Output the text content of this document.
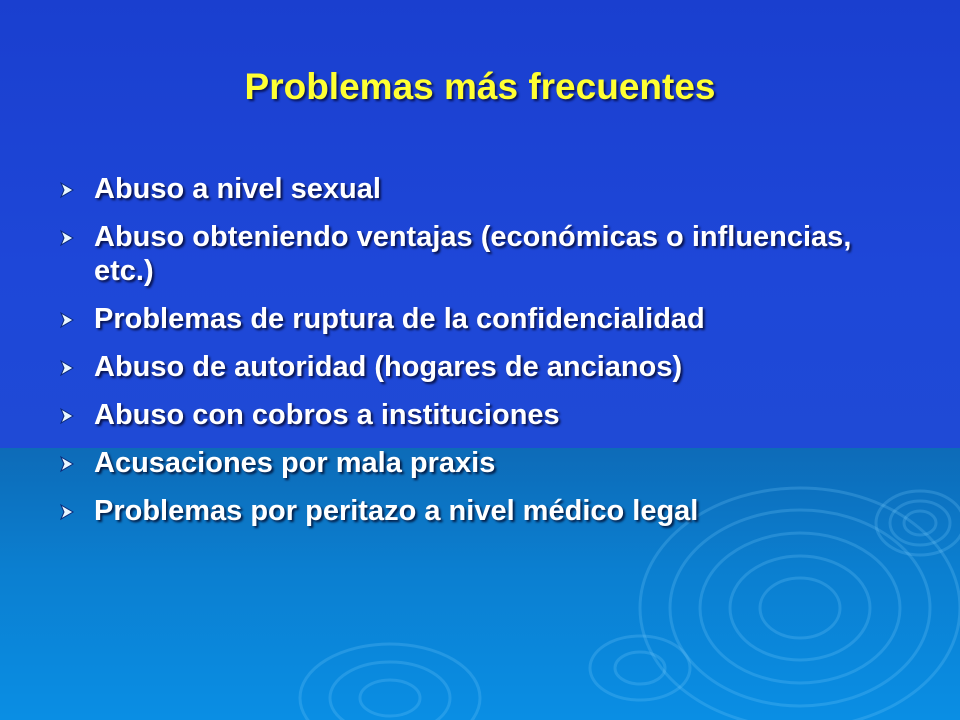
Problemas más frecuentes
Abuso a nivel sexual
Abuso obteniendo ventajas (económicas o influencias, etc.)
Problemas de ruptura de la confidencialidad
Abuso de autoridad (hogares de ancianos)
Abuso con cobros a instituciones
Acusaciones por mala praxis
Problemas por peritazo a nivel médico legal
